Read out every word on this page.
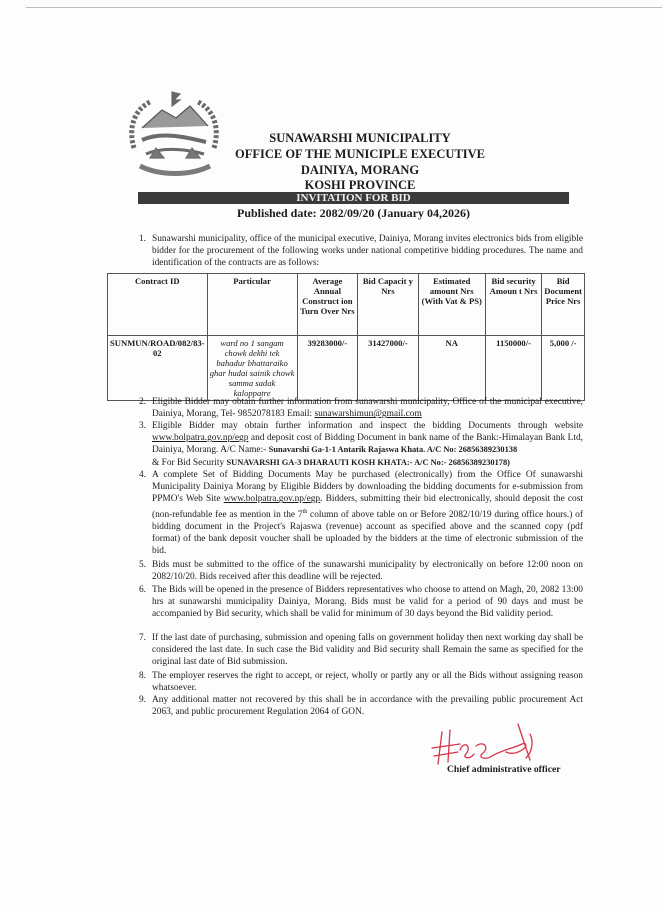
SUNAWARSHI MUNICIPALITY
OFFICE OF THE MUNICIPLE EXECUTIVE
DAINIYA, MORANG
KOSHI PROVINCE
INVITATION FOR BID
Published date: 2082/09/20 (January 04,2026)
1. Sunawarshi municipality, office of the municipal executive, Dainiya, Morang invites electronics bids from eligible bidder for the procurement of the following works under national competitive bidding procedures. The name and identification of the contracts are as follows:
Contract ID	Particular	Average Annual Construct ion Turn Over Nrs	Bid Capacit y Nrs	Estimated amount Nrs (With Vat & PS)	Bid security Amoun t Nrs	Bid Document Price Nrs
SUNMUN/ROAD/082/83-02	ward no 1 sangam chowk dekhi tek bahadur bhattaraiko ghar hudai sainik chowk samma sadak kaloppatre	39283000/-	31427000/-	NA	1150000/-	5,000 /-
2. Eligible Bidder may obtain further information from sunawarshi municipality, Office of the municipal executive, Dainiya, Morang, Tel- 9852078183 Email: sunawarshimun@gmail.com
3. Eligible Bidder may obtain further information and inspect the bidding Documents through website www.bolpatra.gov.np/egp and deposit cost of Bidding Document in bank name of the Bank:-Himalayan Bank Ltd, Dainiya, Morang. A/C Name:- Sunavarshi Ga-1-1 Antarik Rajaswa Khata. A/C No: 26856389230138
& For Bid Security SUNAVARSHI GA-3 DHARAUTI KOSH KHATA:- A/C No:- 26856389230178)
4. A complete Set of Bidding Documents May be purchased (electronically) from the Office Of sunawarshi Municipality Dainiya Morang by Eligible Bidders by downloading the bidding documents for e-submission from PPMO's Web Site www.bolpatra.gov.np/egp. Bidders, submitting their bid electronically, should deposit the cost (non-refundable fee as mention in the 7th column of above table on or Before 2082/10/19 during office hours.) of bidding document in the Project's Rajaswa (revenue) account as specified above and the scanned copy (pdf format) of the bank deposit voucher shall be uploaded by the bidders at the time of electronic submission of the bid.
5. Bids must be submitted to the office of the sunawarshi municipality by electronically on before 12:00 noon on 2082/10/20. Bids received after this deadline will be rejected.
6. The Bids will be opened in the presence of Bidders representatives who choose to attend on Magh, 20, 2082 13:00 hrs at sunawarshi municipality Dainiya, Morang. Bids must be valid for a period of 90 days and must be accompanied by Bid security, which shall be valid for minimum of 30 days beyond the Bid validity period.
7. If the last date of purchasing, submission and opening falls on government holiday then next working day shall be considered the last date. In such case the Bid validity and Bid security shall Remain the same as specified for the original last date of Bid submission.
8. The employer reserves the right to accept, or reject, wholly or partly any or all the Bids without assigning reason whatsoever.
9. Any additional matter not recovered by this shall be in accordance with the prevailing public procurement Act 2063, and public procurement Regulation 2064 of GON.
Chief administrative officer
